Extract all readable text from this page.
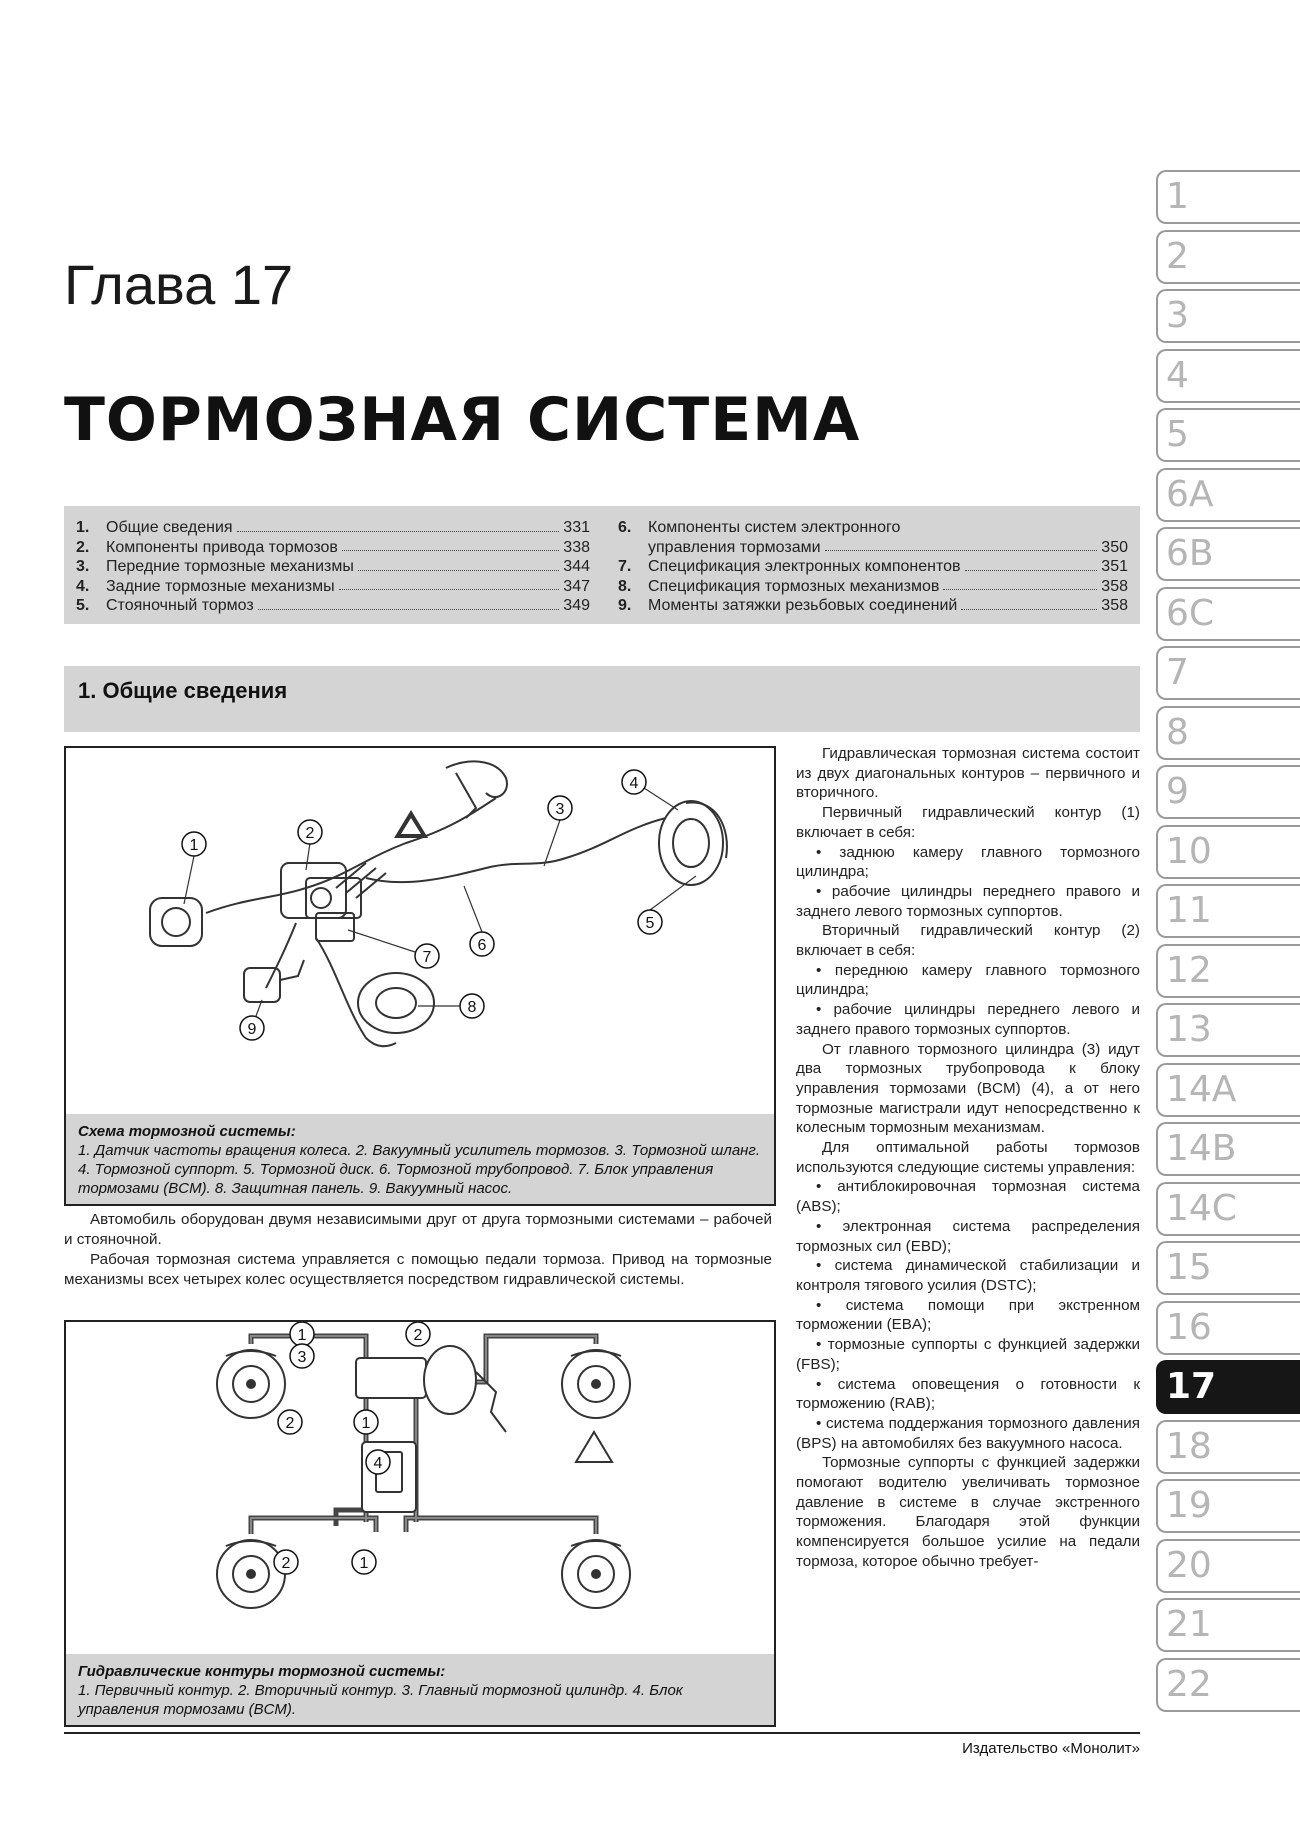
Глава 17
ТОРМОЗНАЯ СИСТЕМА
1.	Общие сведения	331
2.	Компоненты привода тормозов	338
3.	Передние тормозные механизмы	344
4.	Задние тормозные механизмы	347
5.	Стояночный тормоз	349
6.	Компоненты систем электронного
управления тормозами	350
7.	Спецификация электронных компонентов	351
8.	Спецификация тормозных механизмов	358
9.	Моменты затяжки резьбовых соединений	358
1. Общие сведения
1
2
3
4
5
6
7
8
9
Схема тормозной системы:
1. Датчик частоты вращения колеса. 2. Вакуумный усилитель тормозов. 3. Тормозной шланг. 4. Тормозной суппорт. 5. Тормозной диск. 6. Тормозной трубопровод. 7. Блок управления тормозами (BCM). 8. Защитная панель. 9. Вакуумный насос.

Автомобиль оборудован двумя независимыми друг от друга тормозными системами – рабочей и стояночной.

Рабочая тормозная система управляется с помощью педали тормоза. Привод на тормозные механизмы всех четырех колес осуществляется посредством гидравлической системы.

1	2
3
1
2
4
2	1
Гидравлические контуры тормозной системы:
1. Первичный контур. 2. Вторичный контур. 3. Главный тормозной цилиндр. 4. Блок управления тормозами (BCM).

Гидравлическая тормозная система состоит из двух диагональных контуров – первичного и вторичного.

Первичный гидравлический контур (1) включает в себя:

• заднюю камеру главного тормозного цилиндра;

• рабочие цилиндры переднего правого и заднего левого тормозных суппортов.

Вторичный гидравлический контур (2) включает в себя:

• переднюю камеру главного тормозного цилиндра;

• рабочие цилиндры переднего левого и заднего правого тормозных суппортов.

От главного тормозного цилиндра (3) идут два тормозных трубопровода к блоку управления тормозами (BCM) (4), а от него тормозные магистрали идут непосредственно к колесным тормозным механизмам.

Для оптимальной работы тормозов используются следующие системы управления:

• антиблокировочная тормозная система (ABS);

• электронная система распределения тормозных сил (EBD);

• система динамической стабилизации и контроля тягового усилия (DSTC);

• система помощи при экстренном торможении (EBA);

• тормозные суппорты с функцией задержки (FBS);

• система оповещения о готовности к торможению (RAB);

• система поддержания тормозного давления (BPS) на автомобилях без вакуумного насоса.

Тормозные суппорты с функцией задержки помогают водителю увеличивать тормозное давление в системе в случае экстренного торможения. Благодаря этой функции компенсируется большое усилие на педали тормоза, которое обычно требует-

Издательство «Монолит»
1
2
3
4
5
6A
6B
6C
7
8
9
10
11
12
13
14A
14B
14C
15
16
17
18
19
20
21
22
